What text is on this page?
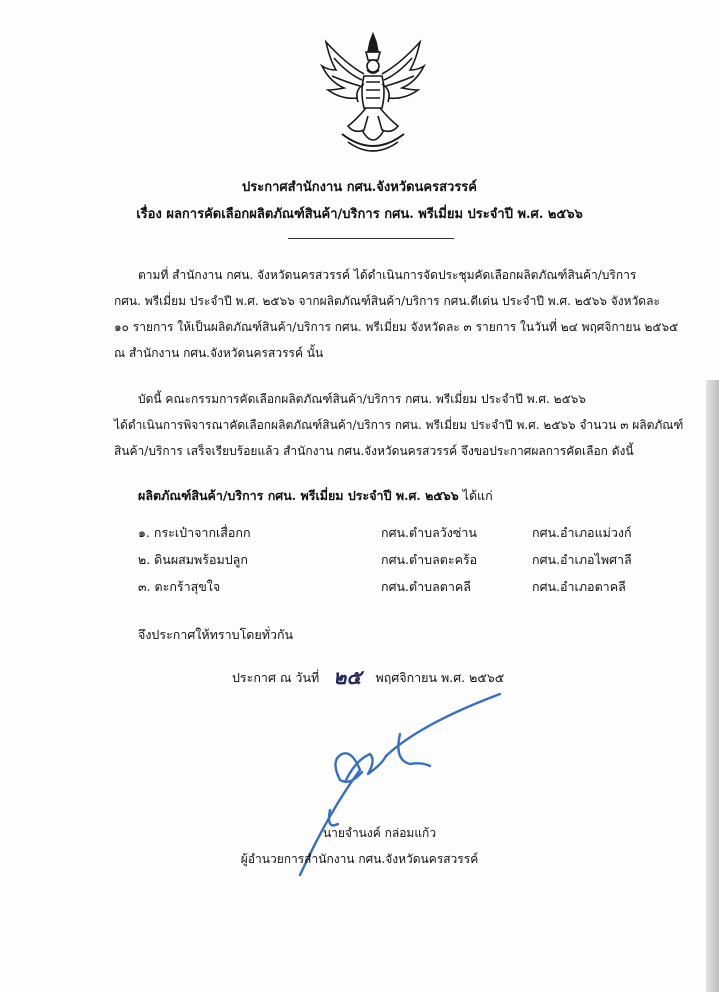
ประกาศสำนักงาน กศน.จังหวัดนครสวรรค์
เรื่อง ผลการคัดเลือกผลิตภัณฑ์สินค้า/บริการ กศน. พรีเมี่ยม ประจำปี พ.ศ. ๒๕๖๖

ตามที่ สำนักงาน กศน. จังหวัดนครสวรรค์ ได้ดำเนินการจัดประชุมคัดเลือกผลิตภัณฑ์สินค้า/บริการ

กศน. พรีเมี่ยม ประจำปี พ.ศ. ๒๕๖๖ จากผลิตภัณฑ์สินค้า/บริการ กศน.ดีเด่น ประจำปี พ.ศ. ๒๕๖๖ จังหวัดละ

๑๐ รายการ ให้เป็นผลิตภัณฑ์สินค้า/บริการ กศน. พรีเมี่ยม จังหวัดละ ๓ รายการ ในวันที่ ๒๔ พฤศจิกายน ๒๕๖๕

ณ สำนักงาน กศน.จังหวัดนครสวรรค์ นั้น

บัดนี้ คณะกรรมการคัดเลือกผลิตภัณฑ์สินค้า/บริการ กศน. พรีเมี่ยม ประจำปี พ.ศ. ๒๕๖๖

ได้ดำเนินการพิจารณาคัดเลือกผลิตภัณฑ์สินค้า/บริการ กศน. พรีเมี่ยม ประจำปี พ.ศ. ๒๕๖๖ จำนวน ๓ ผลิตภัณฑ์

สินค้า/บริการ เสร็จเรียบร้อยแล้ว สำนักงาน กศน.จังหวัดนครสวรรค์ จึงขอประกาศผลการคัดเลือก ดังนี้

ผลิตภัณฑ์สินค้า/บริการ กศน. พรีเมี่ยม ประจำปี พ.ศ. ๒๕๖๖ ได้แก่
๑. กระเป๋าจากเสื่อกก	กศน.ตำบลวังซ่าน	กศน.อำเภอแม่วงก์
๒. ดินผสมพร้อมปลูก	กศน.ตำบลตะคร้อ	กศน.อำเภอไพศาลี
๓. ตะกร้าสุขใจ	กศน.ตำบลตาคลี	กศน.อำเภอตาคลี
จึงประกาศให้ทราบโดยทั่วกัน
ประกาศ ณ วันที่ ๒๕ พฤศจิกายน พ.ศ. ๒๕๖๕
นายจำนงค์ กล่อมแก้ว
ผู้อำนวยการสำนักงาน กศน.จังหวัดนครสวรรค์
